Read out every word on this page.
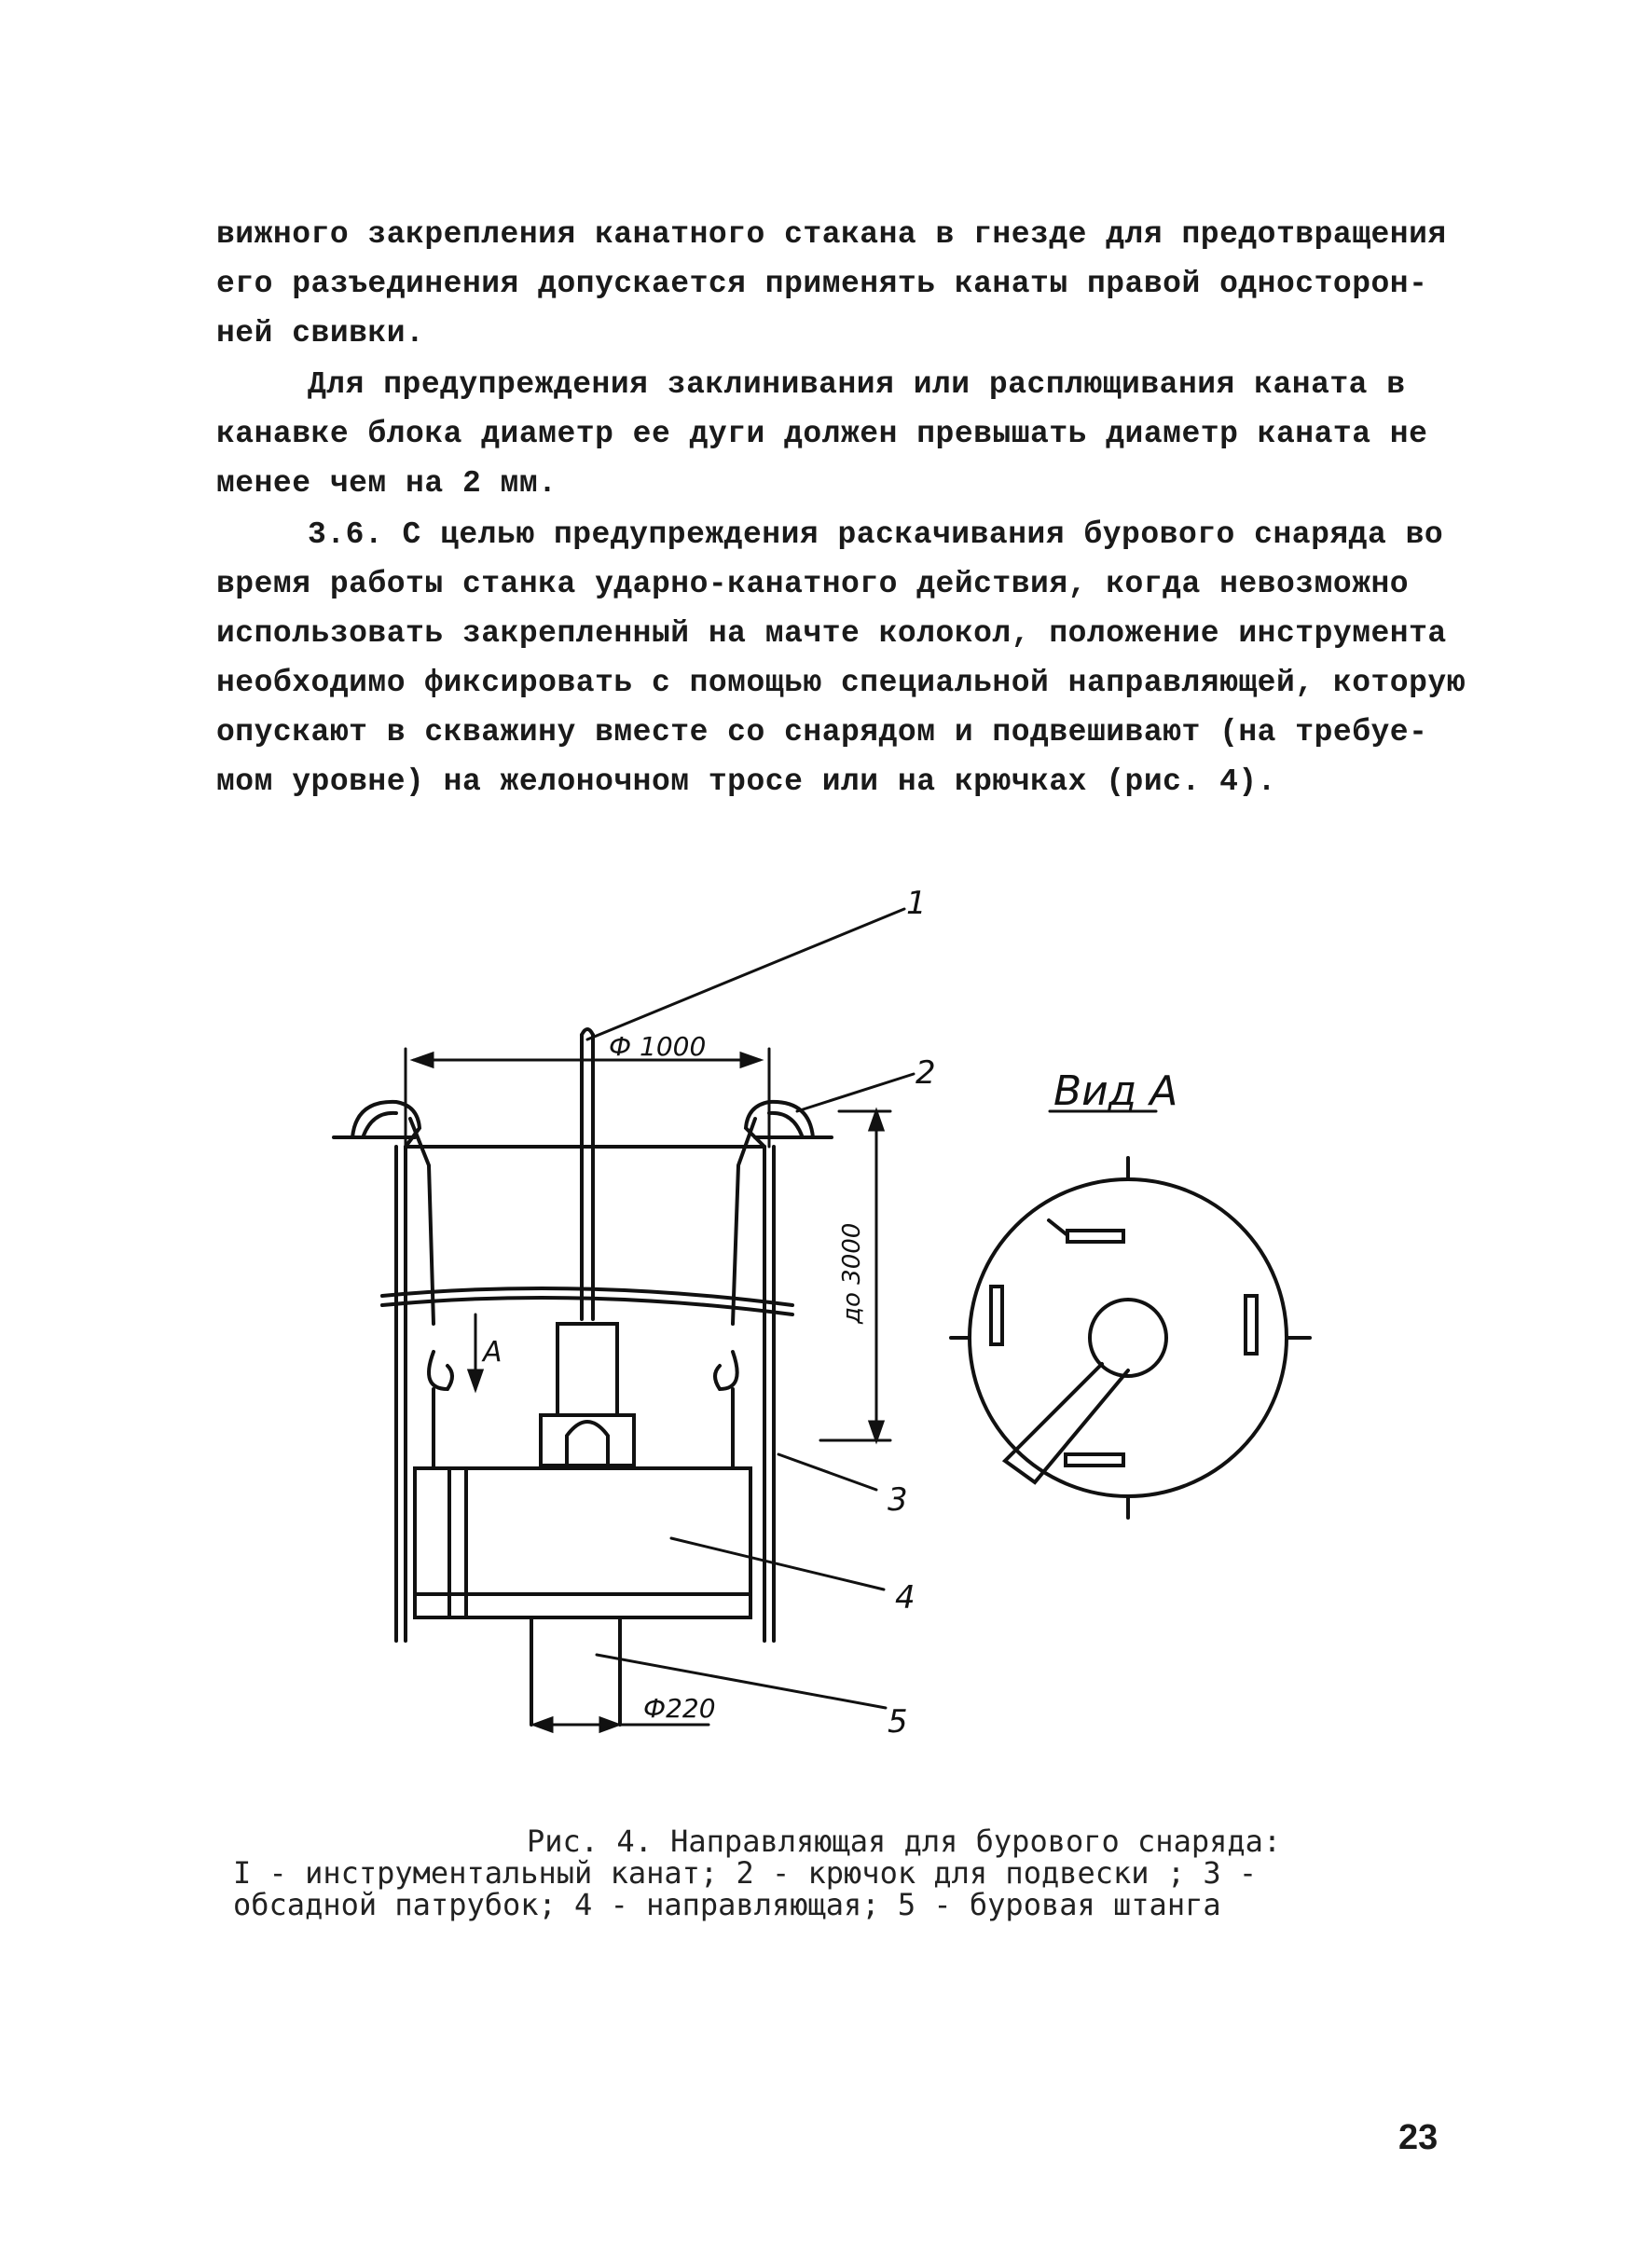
вижного закрепления канатного стакана в гнезде для предотвращения
его разъединения допускается применять канаты правой односторон-
ней свивки.
Для предупреждения заклинивания или расплющивания каната в
канавке блока диаметр ее дуги должен превышать диаметр каната не
менее чем на 2 мм.
3.6. С целью предупреждения раскачивания бурового снаряда во
время работы станка ударно-канатного действия, когда невозможно
использовать закрепленный на мачте колокол, положение инструмента
необходимо фиксировать с помощью специальной направляющей, которую
опускают в скважину вместе со снарядом и подвешивают (на требуе-
мом уровне) на желоночном тросе или на крючках (рис. 4).
1
2
3
4
5
Ф 1000
Ф220
А
Вид А
до 3000
Рис. 4. Направляющая для бурового снаряда:
I - инструментальный канат; 2 - крючок для подвески ; 3 -
обсадной патрубок; 4 - направляющая; 5 - буровая штанга
23
